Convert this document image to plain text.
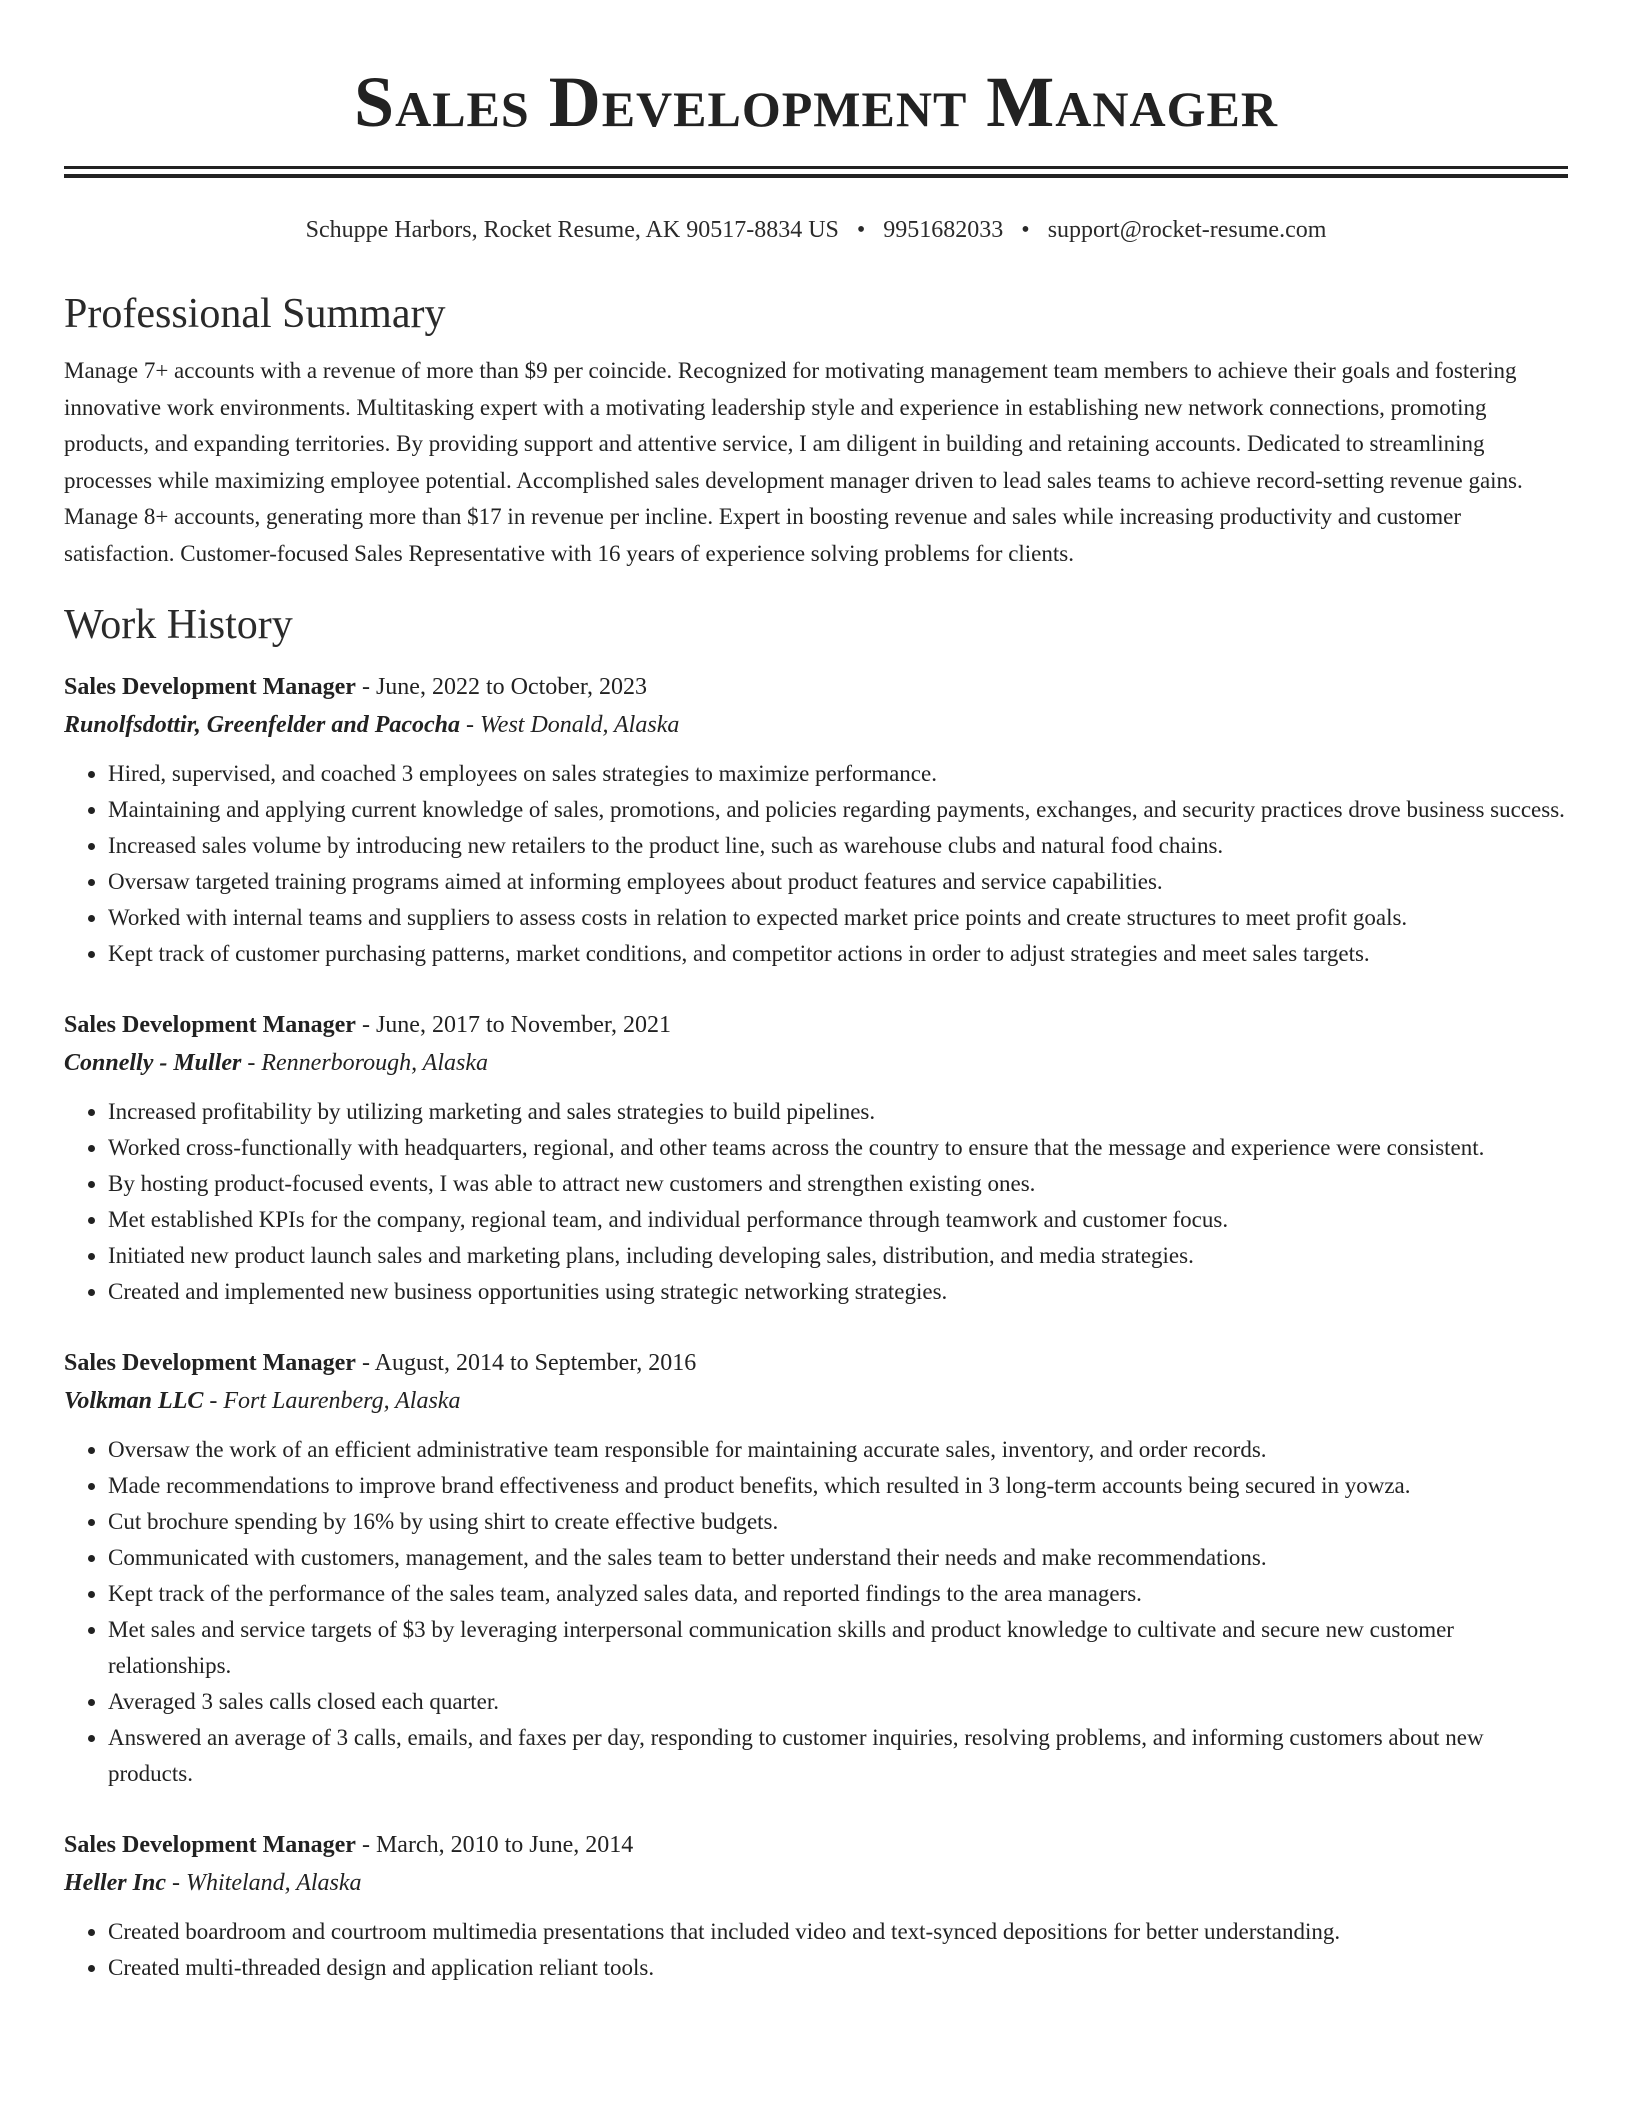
Sales Development Manager
Schuppe Harbors, Rocket Resume, AK 90517-8834 US • 9951682033 • support@rocket-resume.com
Professional Summary
Manage 7+ accounts with a revenue of more than $9 per coincide. Recognized for motivating management team members to achieve their goals and fostering innovative work environments. Multitasking expert with a motivating leadership style and experience in establishing new network connections, promoting products, and expanding territories. By providing support and attentive service, I am diligent in building and retaining accounts. Dedicated to streamlining processes while maximizing employee potential. Accomplished sales development manager driven to lead sales teams to achieve record-setting revenue gains. Manage 8+ accounts, generating more than $17 in revenue per incline. Expert in boosting revenue and sales while increasing productivity and customer satisfaction. Customer-focused Sales Representative with 16 years of experience solving problems for clients.
Work History
Sales Development Manager - June, 2022 to October, 2023
Runolfsdottir, Greenfelder and Pacocha - West Donald, Alaska
• Hired, supervised, and coached 3 employees on sales strategies to maximize performance.
• Maintaining and applying current knowledge of sales, promotions, and policies regarding payments, exchanges, and security practices drove business success.
• Increased sales volume by introducing new retailers to the product line, such as warehouse clubs and natural food chains.
• Oversaw targeted training programs aimed at informing employees about product features and service capabilities.
• Worked with internal teams and suppliers to assess costs in relation to expected market price points and create structures to meet profit goals.
• Kept track of customer purchasing patterns, market conditions, and competitor actions in order to adjust strategies and meet sales targets.
Sales Development Manager - June, 2017 to November, 2021
Connelly - Muller - Rennerborough, Alaska
• Increased profitability by utilizing marketing and sales strategies to build pipelines.
• Worked cross-functionally with headquarters, regional, and other teams across the country to ensure that the message and experience were consistent.
• By hosting product-focused events, I was able to attract new customers and strengthen existing ones.
• Met established KPIs for the company, regional team, and individual performance through teamwork and customer focus.
• Initiated new product launch sales and marketing plans, including developing sales, distribution, and media strategies.
• Created and implemented new business opportunities using strategic networking strategies.
Sales Development Manager - August, 2014 to September, 2016
Volkman LLC - Fort Laurenberg, Alaska
• Oversaw the work of an efficient administrative team responsible for maintaining accurate sales, inventory, and order records.
• Made recommendations to improve brand effectiveness and product benefits, which resulted in 3 long-term accounts being secured in yowza.
• Cut brochure spending by 16% by using shirt to create effective budgets.
• Communicated with customers, management, and the sales team to better understand their needs and make recommendations.
• Kept track of the performance of the sales team, analyzed sales data, and reported findings to the area managers.
• Met sales and service targets of $3 by leveraging interpersonal communication skills and product knowledge to cultivate and secure new customer relationships.
• Averaged 3 sales calls closed each quarter.
• Answered an average of 3 calls, emails, and faxes per day, responding to customer inquiries, resolving problems, and informing customers about new products.
Sales Development Manager - March, 2010 to June, 2014
Heller Inc - Whiteland, Alaska
• Created boardroom and courtroom multimedia presentations that included video and text-synced depositions for better understanding.
• Created multi-threaded design and application reliant tools.
